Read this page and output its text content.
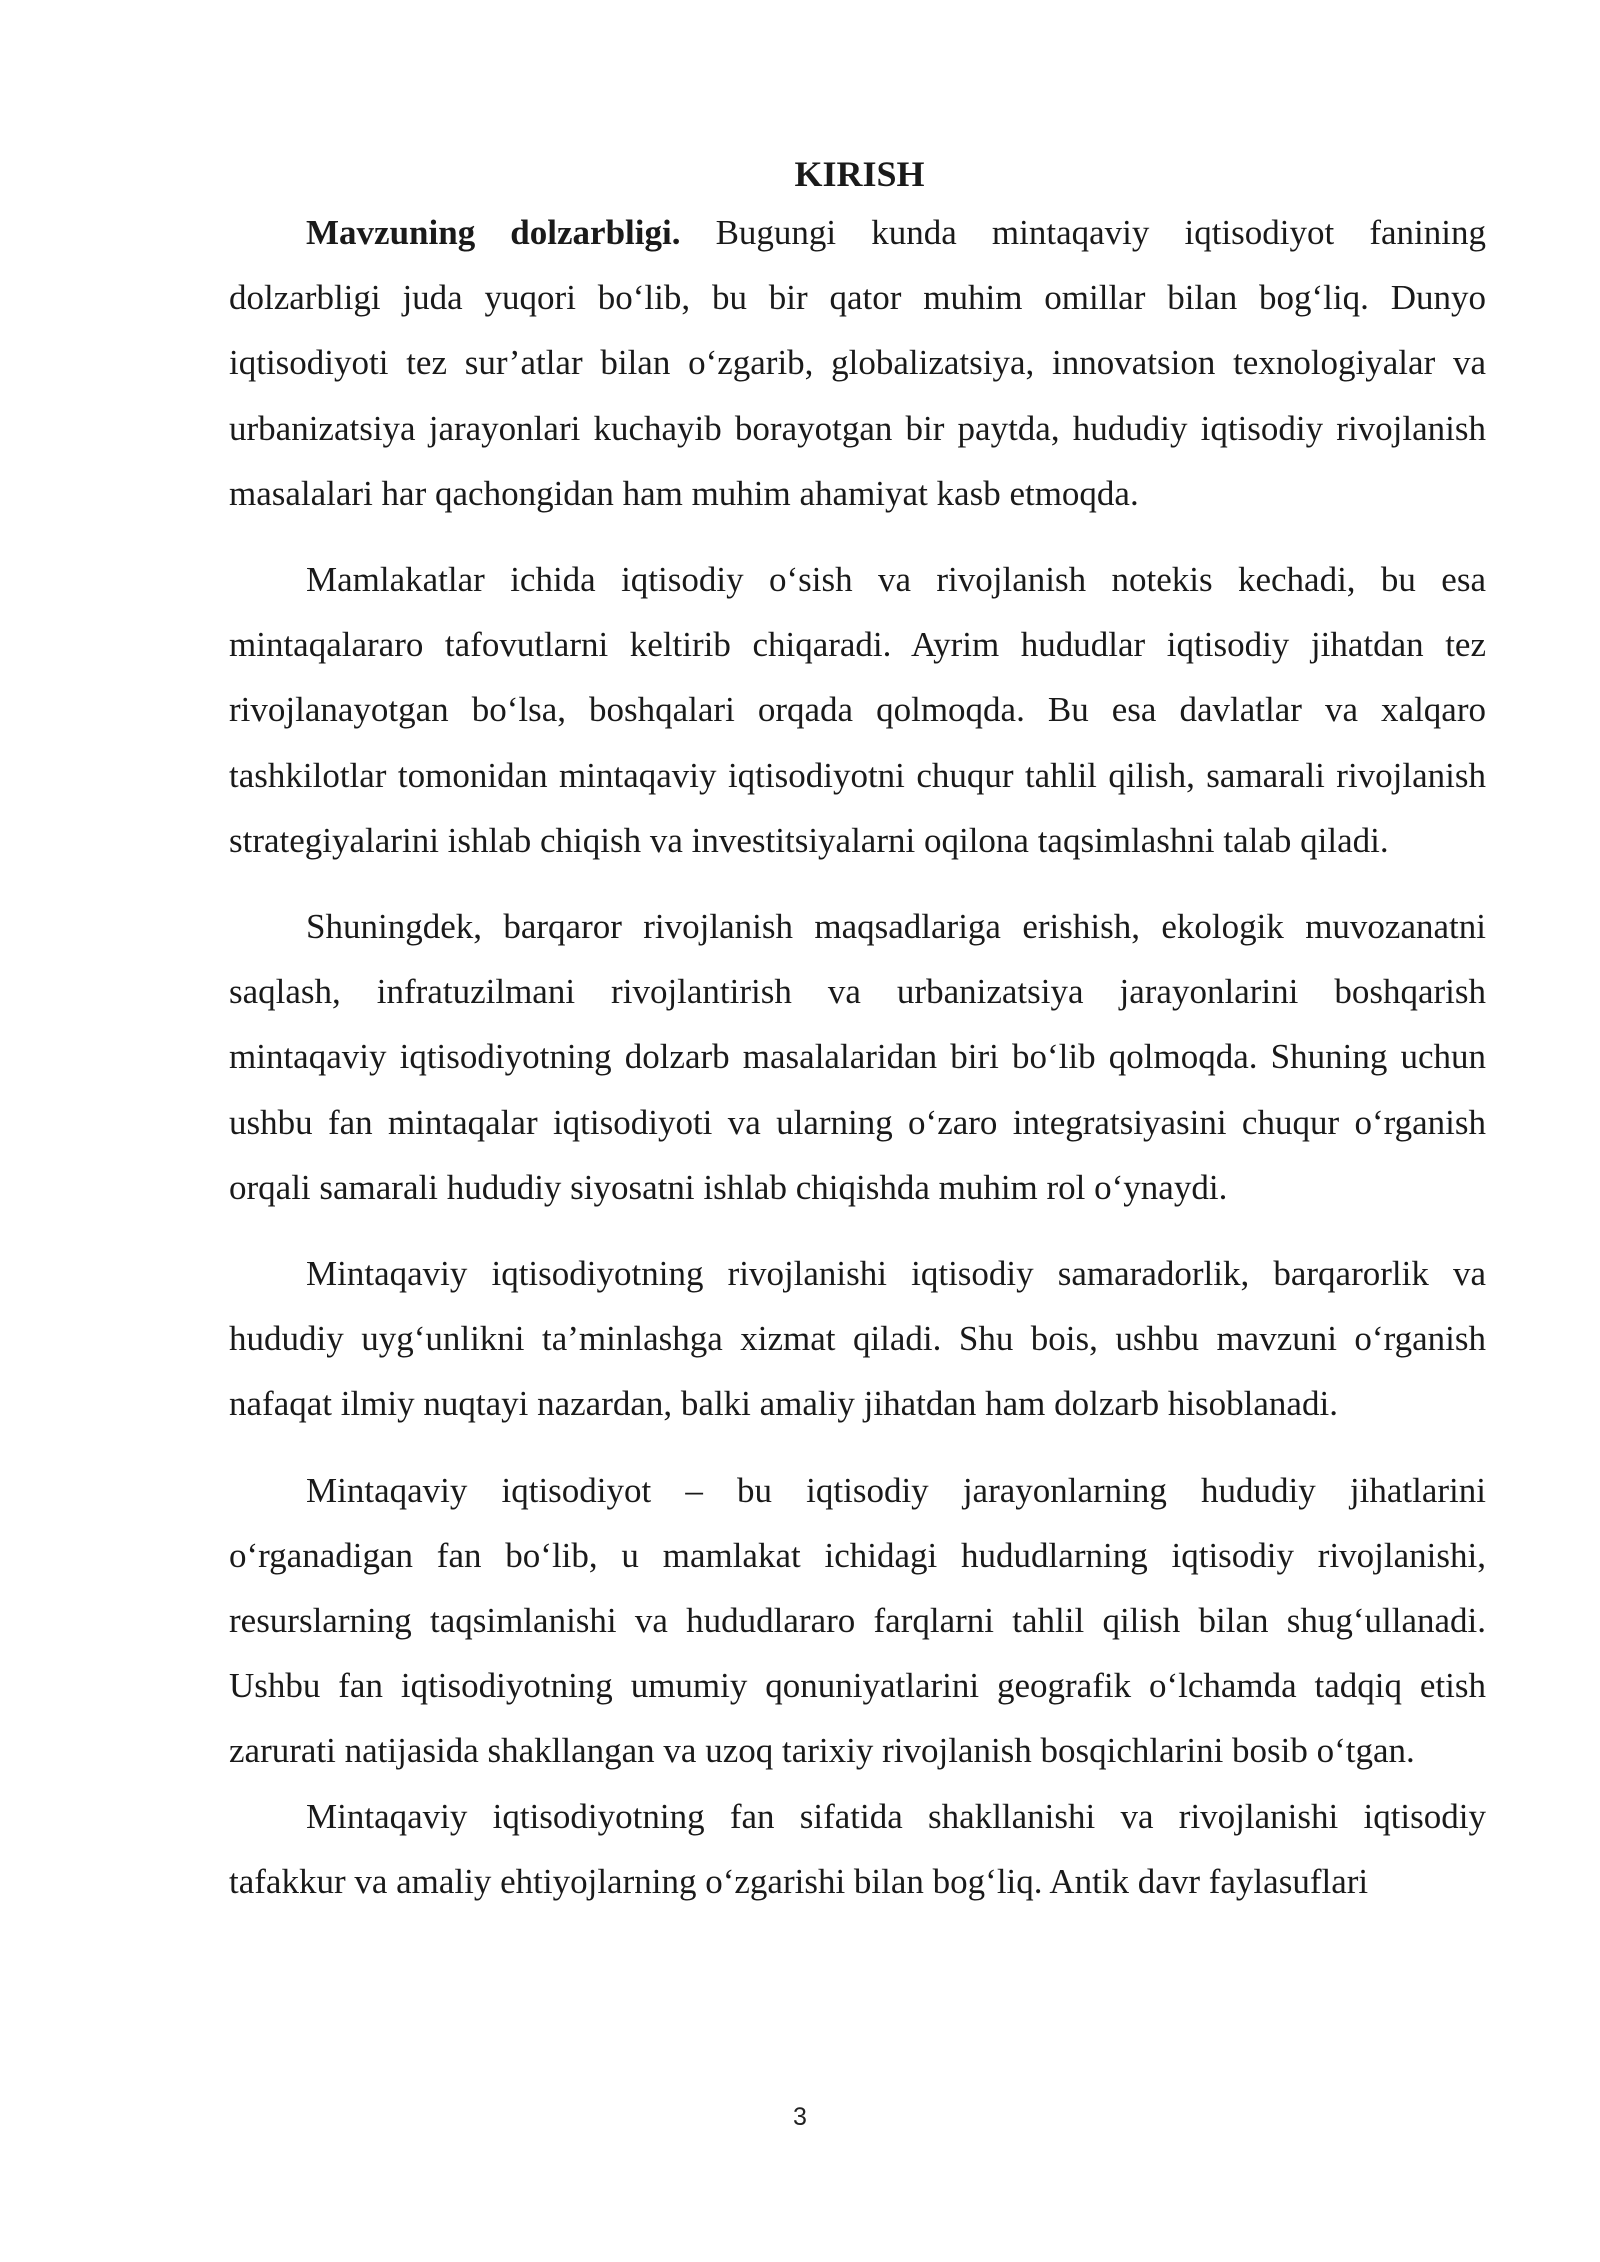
KIRISH

Mavzuning dolzarbligi. Bugungi kunda mintaqaviy iqtisodiyot fanining dolzarbligi juda yuqori bo‘lib, bu bir qator muhim omillar bilan bog‘liq. Dunyo iqtisodiyoti tez sur’atlar bilan o‘zgarib, globalizatsiya, innovatsion texnologiyalar va urbanizatsiya jarayonlari kuchayib borayotgan bir paytda, hududiy iqtisodiy rivojlanish masalalari har qachongidan ham muhim ahamiyat kasb etmoqda.

Mamlakatlar ichida iqtisodiy o‘sish va rivojlanish notekis kechadi, bu esa mintaqalararo tafovutlarni keltirib chiqaradi. Ayrim hududlar iqtisodiy jihatdan tez rivojlanayotgan bo‘lsa, boshqalari orqada qolmoqda. Bu esa davlatlar va xalqaro tashkilotlar tomonidan mintaqaviy iqtisodiyotni chuqur tahlil qilish, samarali rivojlanish strategiyalarini ishlab chiqish va investitsiyalarni oqilona taqsimlashni talab qiladi.

Shuningdek, barqaror rivojlanish maqsadlariga erishish, ekologik muvozanatni saqlash, infratuzilmani rivojlantirish va urbanizatsiya jarayonlarini boshqarish mintaqaviy iqtisodiyotning dolzarb masalalaridan biri bo‘lib qolmoqda. Shuning uchun ushbu fan mintaqalar iqtisodiyoti va ularning o‘zaro integratsiyasini chuqur o‘rganish orqali samarali hududiy siyosatni ishlab chiqishda muhim rol o‘ynaydi.

Mintaqaviy iqtisodiyotning rivojlanishi iqtisodiy samaradorlik, barqarorlik va hududiy uyg‘unlikni ta’minlashga xizmat qiladi. Shu bois, ushbu mavzuni o‘rganish nafaqat ilmiy nuqtayi nazardan, balki amaliy jihatdan ham dolzarb hisoblanadi.

Mintaqaviy iqtisodiyot – bu iqtisodiy jarayonlarning hududiy jihatlarini o‘rganadigan fan bo‘lib, u mamlakat ichidagi hududlarning iqtisodiy rivojlanishi, resurslarning taqsimlanishi va hududlararo farqlarni tahlil qilish bilan shug‘ullanadi. Ushbu fan iqtisodiyotning umumiy qonuniyatlarini geografik o‘lchamda tadqiq etish zarurati natijasida shakllangan va uzoq tarixiy rivojlanish bosqichlarini bosib o‘tgan.

Mintaqaviy iqtisodiyotning fan sifatida shakllanishi va rivojlanishi iqtisodiy tafakkur va amaliy ehtiyojlarning o‘zgarishi bilan bog‘liq. Antik davr faylasuflari

3
